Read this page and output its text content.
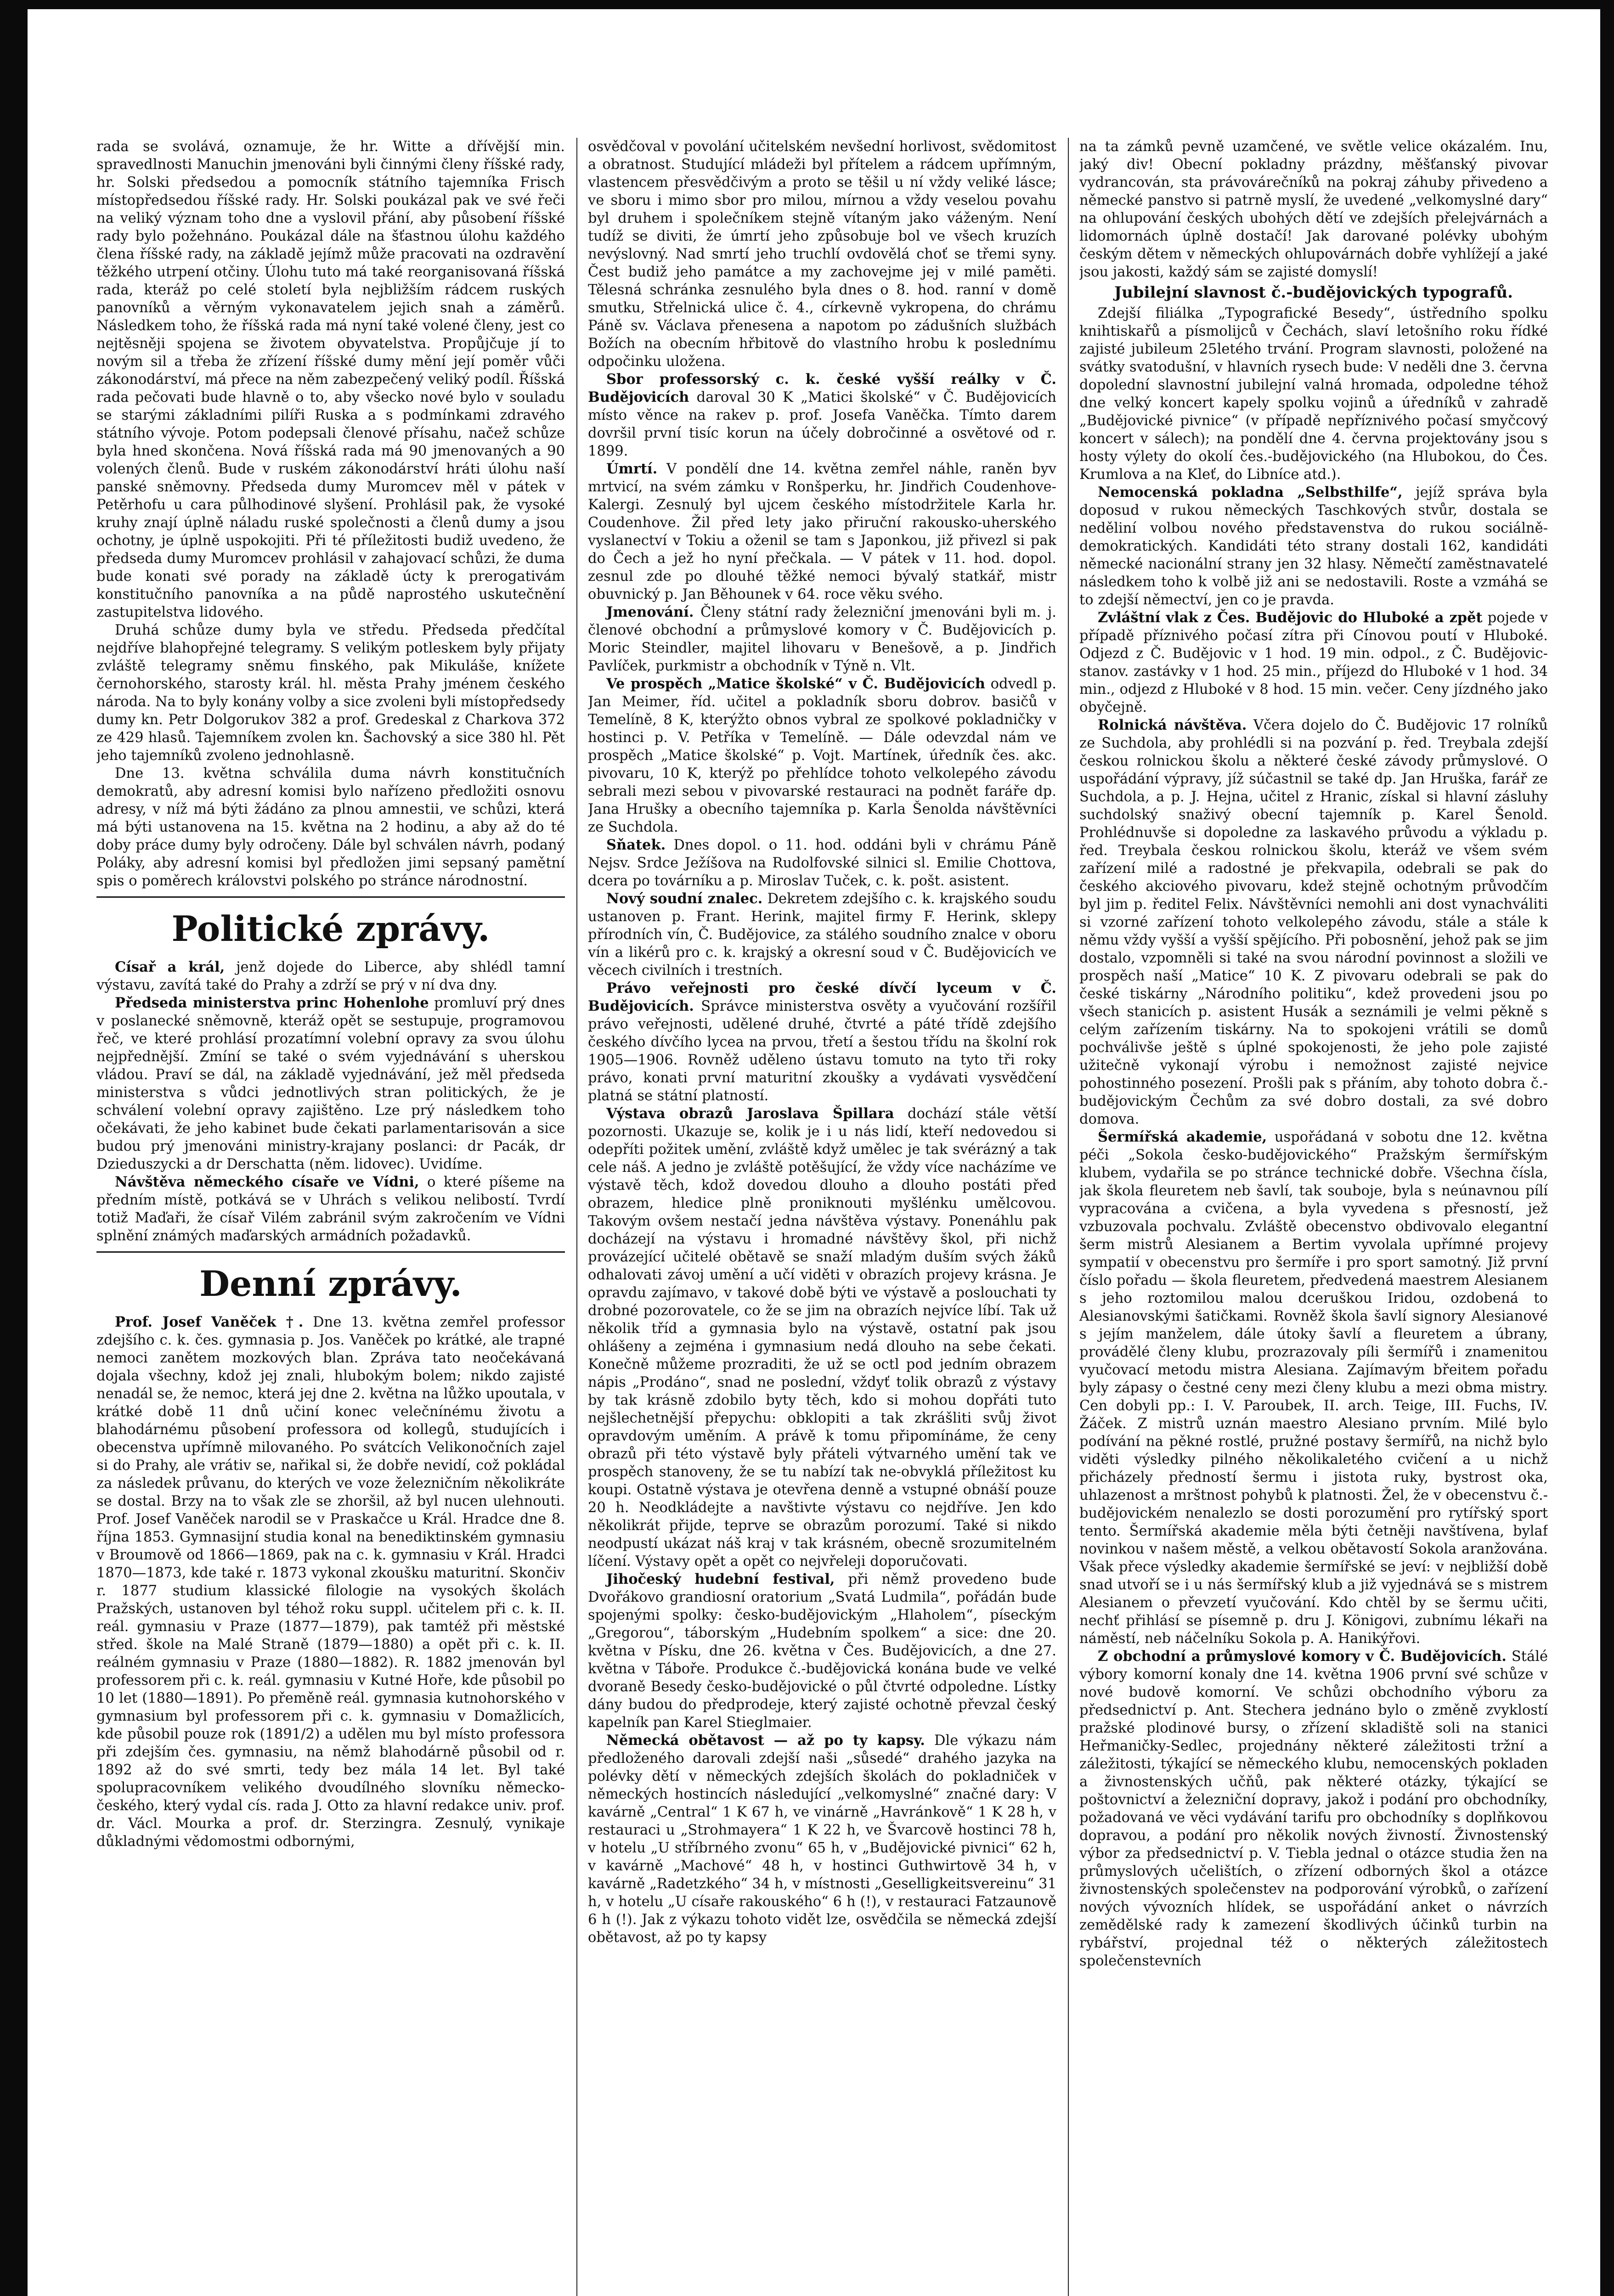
rada se svolává, oznamuje, že hr. Witte a dřívější min. spravedlnosti Manuchin jmenováni byli činnými členy říšské rady, hr. Solski předsedou a pomocník státního tajemníka Frisch místopředsedou říšské rady. Hr. Solski poukázal pak ve své řeči na veliký význam toho dne a vyslovil přání, aby působení říšské rady bylo požehnáno. Poukázal dále na šťastnou úlohu každého člena říšské rady, na základě jejímž může pracovati na ozdravění těžkého utrpení otčiny. Úlohu tuto má také reorganisovaná říšská rada, kteráž po celé století byla nejbližším rádcem ruských panovníků a věrným vykonavatelem jejich snah a záměrů. Následkem toho, že říšská rada má nyní také volené členy, jest co nejtěsněji spojena se životem obyvatelstva. Propůjčuje jí to novým sil a třeba že zřízení říšské dumy mění její poměr vůči zákonodárství, má přece na něm zabezpečený veliký podíl. Říšská rada pečovati bude hlavně o to, aby všecko nové bylo v souladu se starými základními pilíři Ruska a s podmínkami zdravého státního vývoje. Potom podepsali členové přísahu, načež schůze byla hned skončena. Nová říšská rada má 90 jmenovaných a 90 volených členů. Bude v ruském zákonodárství hráti úlohu naší panské sněmovny. Předseda dumy Muromcev měl v pátek v Petěrhofu u cara půlhodinové slyšení. Prohlásil pak, že vysoké kruhy znají úplně náladu ruské společnosti a členů dumy a jsou ochotny, je úplně uspokojiti. Při té příležitosti budiž uvedeno, že předseda dumy Muromcev prohlásil v zahajovací schůzi, že duma bude konati své porady na základě úcty k prerogativám konstitučního panovníka a na půdě naprostého uskutečnění zastupitelstva lidového.

Druhá schůze dumy byla ve středu. Předseda předčítal nejdříve blahopřejné telegramy. S velikým potleskem byly přijaty zvláště telegramy sněmu finského, pak Mikuláše, knížete černohorského, starosty král. hl. města Prahy jménem českého národa. Na to byly konány volby a sice zvoleni byli místopředsedy dumy kn. Petr Dolgorukov 382 a prof. Gredeskal z Charkova 372 ze 429 hlasů. Tajemníkem zvolen kn. Šachovský a sice 380 hl. Pět jeho tajemníků zvoleno jednohlasně.

Dne 13. května schválila duma návrh konstitučních demokratů, aby adresní komisi bylo nařízeno předložiti osnovu adresy, v níž má býti žádáno za plnou amnestii, ve schůzi, která má býti ustanovena na 15. května na 2 hodinu, a aby až do té doby práce dumy byly odročeny. Dále byl schválen návrh, podaný Poláky, aby adresní komisi byl předložen jimi sepsaný pamětní spis o poměrech královstvi polského po stránce národnostní.

Politické zprávy.

Císař a král, jenž dojede do Liberce, aby shlédl tamní výstavu, zavítá také do Prahy a zdrží se prý v ní dva dny.

Předseda ministerstva princ Hohenlohe promluví prý dnes v poslanecké sněmovně, kteráž opět se sestupuje, programovou řeč, ve které prohlásí prozatímní volební opravy za svou úlohu nejpřednější. Zmíní se také o svém vyjednávání s uherskou vládou. Praví se dál, na základě vyjednávání, jež měl předseda ministerstva s vůdci jednotlivých stran politických, že je schválení volební opravy zajištěno. Lze prý následkem toho očekávati, že jeho kabinet bude čekati parlamentarisován a sice budou prý jmenováni ministry-krajany poslanci: dr Pacák, dr Dzieduszycki a dr Derschatta (něm. lidovec). Uvidíme.

Návštěva německého císaře ve Vídni, o které píšeme na předním místě, potkává se v Uhrách s velikou nelibostí. Tvrdí totiž Maďaři, že císař Vilém zabránil svým zakročením ve Vídni splnění známých maďarských armádních požadavků.

Denní zprávy.

Prof. Josef Vaněček †. Dne 13. května zemřel professor zdejšího c. k. čes. gymnasia p. Jos. Vaněček po krátké, ale trapné nemoci zanětem mozkových blan. Zpráva tato neočekávaná dojala všechny, kdož jej znali, hlubokým bolem; nikdo zajisté nenadál se, že nemoc, která jej dne 2. května na lůžko upoutala, v krátké době 11 dnů učiní konec velečnínému životu a blahodárnému působení professora od kollegů, studujících i obecenstva upřímně milovaného. Po svátcích Velikonočních zajel si do Prahy, ale vrátiv se, nařikal si, že dobře nevidí, což pokládal za následek průvanu, do kterých ve voze železničním několikráte se dostal. Brzy na to však zle se zhoršil, až byl nucen ulehnouti. Prof. Josef Vaněček narodil se v Praskačce u Král. Hradce dne 8. října 1853. Gymnasijní studia konal na benediktinském gymnasiu v Broumově od 1866—1869, pak na c. k. gymnasiu v Král. Hradci 1870—1873, kde také r. 1873 vykonal zkoušku maturitní. Skončiv r. 1877 studium klassické filologie na vysokých školách Pražských, ustanoven byl téhož roku suppl. učitelem při c. k. II. reál. gymnasiu v Praze (1877—1879), pak tamtéž při městské střed. škole na Malé Straně (1879—1880) a opět při c. k. II. reálném gymnasiu v Praze (1880—1882). R. 1882 jmenován byl professorem při c. k. reál. gymnasiu v Kutné Hoře, kde působil po 10 let (1880—1891). Po přeměně reál. gymnasia kutnohorského v gymnasium byl professorem při c. k. gymnasiu v Domažlicích, kde působil pouze rok (1891/2) a udělen mu byl místo professora při zdejším čes. gymnasiu, na němž blahodárně působil od r. 1892 až do své smrti, tedy bez mála 14 let. Byl také spolupracovníkem velikého dvoudílného slovníku německo-českého, který vydal cís. rada J. Otto za hlavní redakce univ. prof. dr. Václ. Mourka a prof. dr. Sterzingra. Zesnulý, vynikaje důkladnými vědomostmi odbornými,

osvědčoval v povolání učitelském nevšední horlivost, svědomitost a obratnost. Studující mládeži byl přítelem a rádcem upřímným, vlastencem přesvědčivým a proto se těšil u ní vždy veliké lásce; ve sboru i mimo sbor pro milou, mírnou a vždy veselou povahu byl druhem i společníkem stejně vítaným jako váženým. Není tudíž se diviti, že úmrtí jeho způsobuje bol ve všech kruzích nevýslovný. Nad smrtí jeho truchlí ovdovělá choť se třemi syny. Čest budiž jeho památce a my zachovejme jej v milé paměti. Tělesná schránka zesnulého byla dnes o 8. hod. ranní v domě smutku, Střelnická ulice č. 4., církevně vykropena, do chrámu Páně sv. Václava přenesena a napotom po zádušních službách Božích na obecním hřbitově do vlastního hrobu k poslednímu odpočinku uložena.

Sbor professorský c. k. české vyšší reálky v Č. Budějovicích daroval 30 K „Matici školské“ v Č. Budějovicích místo věnce na rakev p. prof. Josefa Vaněčka. Tímto darem dovršil první tisíc korun na účely dobročinné a osvětové od r. 1899.

Úmrtí. V pondělí dne 14. května zemřel náhle, raněn byv mrtvicí, na svém zámku v Ronšperku, hr. Jindřich Coudenhove-Kalergi. Zesnulý byl ujcem českého místodržitele Karla hr. Coudenhove. Žil před lety jako přiruční rakousko-uherského vyslanectví v Tokiu a oženil se tam s Japonkou, již přivezl si pak do Čech a jež ho nyní přečkala. — V pátek v 11. hod. dopol. zesnul zde po dlouhé těžké nemoci bývalý statkář, mistr obuvnický p. Jan Běhounek v 64. roce věku svého.

Jmenování. Členy státní rady železniční jmenováni byli m. j. členové obchodní a průmyslové komory v Č. Budějovicích p. Moric Steindler, majitel lihovaru v Benešově, a p. Jindřich Pavlíček, purkmistr a obchodník v Týně n. Vlt.

Ve prospěch „Matice školské“ v Č. Budějovicích odvedl p. Jan Meimer, říd. učitel a pokladník sboru dobrov. basičů v Temelíně, 8 K, kterýžto obnos vybral ze spolkové pokladničky v hostinci p. V. Petříka v Temelíně. — Dále odevzdal nám ve prospěch „Matice školské“ p. Vojt. Martínek, úředník čes. akc. pivovaru, 10 K, kterýž po přehlídce tohoto velkolepého závodu sebrali mezi sebou v pivovarské restauraci na podnět faráře dp. Jana Hrušky a obecního tajemníka p. Karla Šenolda návštěvníci ze Suchdola.

Sňatek. Dnes dopol. o 11. hod. oddáni byli v chrámu Páně Nejsv. Srdce Ježíšova na Rudolfovské silnici sl. Emilie Chottova, dcera po továrníku a p. Miroslav Tuček, c. k. pošt. asistent.

Nový soudní znalec. Dekretem zdejšího c. k. krajského soudu ustanoven p. Frant. Herink, majitel firmy F. Herink, sklepy přírodních vín, Č. Budějovice, za stálého soudního znalce v oboru vín a likérů pro c. k. krajský a okresní soud v Č. Budějovicích ve věcech civilních i trestních.

Právo veřejnosti pro české dívčí lyceum v Č. Budějovicích. Správce ministerstva osvěty a vyučování rozšířil právo veřejnosti, udělené druhé, čtvrté a páté třídě zdejšího českého dívčího lycea na prvou, třetí a šestou třídu na školní rok 1905—1906. Rovněž uděleno ústavu tomuto na tyto tři roky právo, konati první maturitní zkoušky a vydávati vysvědčení platná se státní platností.

Výstava obrazů Jaroslava Špillara dochází stále větší pozornosti. Ukazuje se, kolik je i u nás lidí, kteří nedovedou si odepříti požitek umění, zvláště když umělec je tak svérázný a tak cele náš. A jedno je zvláště potěšující, že vždy více nacházíme ve výstavě těch, kdož dovedou dlouho a dlouho postáti před obrazem, hledice plně proniknouti myšlénku umělcovou. Takovým ovšem nestačí jedna návštěva výstavy. Ponenáhlu pak docházejí na výstavu i hromadné návštěvy škol, při nichž provázející učitelé obětavě se snaží mladým duším svých žáků odhalovati závoj umění a učí viděti v obrazích projevy krásna. Je opravdu zajímavo, v takové době býti ve výstavě a poslouchati ty drobné pozorovatele, co že se jim na obrazích nejvíce líbí. Tak už několik tříd a gymnasia bylo na výstavě, ostatní pak jsou ohlášeny a zejména i gymnasium nedá dlouho na sebe čekati. Konečně můžeme prozraditi, že už se octl pod jedním obrazem nápis „Prodáno“, snad ne poslední, vždyť tolik obrazů z výstavy by tak krásně zdobilo byty těch, kdo si mohou dopřáti tuto nejšlechetnější přepychu: obklopiti a tak zkrášliti svůj život opravdovým uměním. A právě k tomu připomínáme, že ceny obrazů při této výstavě byly přáteli výtvarného umění tak ve prospěch stanoveny, že se tu nabízí tak ne-obvyklá příležitost ku koupi. Ostatně výstava je otevřena denně a vstupné obnáší pouze 20 h. Neodkládejte a navštivte výstavu co nejdříve. Jen kdo několikrát přijde, teprve se obrazům porozumí. Také si nikdo neodpustí ukázat náš kraj v tak krásném, obecně srozumitelném líčení. Výstavy opět a opět co nejvřeleji doporučovati.

Jihočeský hudební festival, při němž provedeno bude Dvořákovo grandiosní oratorium „Svatá Ludmila“, pořádán bude spojenými spolky: česko-budějovickým „Hlaholem“, píseckým „Gregorou“, táborským „Hudebním spolkem“ a sice: dne 20. května v Písku, dne 26. května v Čes. Budějovicích, a dne 27. května v Táboře. Produkce č.-budějovická konána bude ve velké dvoraně Besedy česko-budějovické o půl čtvrté odpoledne. Lístky dány budou do předprodeje, který zajisté ochotně převzal český kapelník pan Karel Stieglmaier.

Německá obětavost — až po ty kapsy. Dle výkazu nám předloženého darovali zdejší naši „sůsedé“ drahého jazyka na polévky dětí v německých zdejších školách do pokladniček v německých hostincích následující „velkomyslné“ značné dary: V kavárně „Central“ 1 K 67 h, ve vinárně „Havránkově“ 1 K 28 h, v restauraci u „Strohmayera“ 1 K 22 h, ve Švarcově hostinci 78 h, v hotelu „U stříbrného zvonu“ 65 h, v „Budějovické pivnici“ 62 h, v kavárně „Machové“ 48 h, v hostinci Guthwirtově 34 h, v kavárně „Radetzkého“ 34 h, v místnosti „Geselligkeitsvereinu“ 31 h, v hotelu „U císaře rakouského“ 6 h (!), v restauraci Fatzaunově 6 h (!). Jak z výkazu tohoto vidět lze, osvědčila se německá zdejší obětavost, až po ty kapsy

na ta zámků pevně uzamčené, ve světle velice okázalém. Inu, jaký div! Obecní pokladny prázdny, měšťanský pivovar vydrancován, sta právovárečníků na pokraj záhuby přivedeno a německé panstvo si patrně myslí, že uvedené „velkomyslné dary“ na ohlupování českých ubohých dětí ve zdejších přelejvárnách a lidomornách úplně dostačí! Jak darované polévky ubohým českým dětem v německých ohlupovárnách dobře vyhlížejí a jaké jsou jakosti, každý sám se zajisté domyslí!

Jubilejní slavnost č.-budějovických typografů.

Zdejší filiálka „Typografické Besedy“, ústředního spolku knihtiskařů a písmolijců v Čechách, slaví letošního roku řídké zajisté jubileum 25letého trvání. Program slavnosti, položené na svátky svatodušní, v hlavních rysech bude: V neděli dne 3. června dopolední slavnostní jubilejní valná hromada, odpoledne téhož dne velký koncert kapely spolku vojinů a úředníků v zahradě „Budějovické pivnice“ (v případě nepříznivého počasí smyčcový koncert v sálech); na pondělí dne 4. června projektovány jsou s hosty výlety do okolí čes.-budějovického (na Hlubokou, do Čes. Krumlova a na Kleť, do Libníce atd.).

Nemocenská pokladna „Selbsthilfe“, jejíž správa byla doposud v rukou německých Taschkových stvůr, dostala se neděliní volbou nového představenstva do rukou sociálně-demokratických. Kandidáti této strany dostali 162, kandidáti německé nacionální strany jen 32 hlasy. Němečtí zaměstnavatelé následkem toho k volbě již ani se nedostavili. Roste a vzmáhá se to zdejší němectví, jen co je pravda.

Zvláštní vlak z Čes. Budějovic do Hluboké a zpět pojede v případě příznivého počasí zítra při Cínovou poutí v Hluboké. Odjezd z Č. Budějovic v 1 hod. 19 min. odpol., z Č. Budějovic-stanov. zastávky v 1 hod. 25 min., příjezd do Hluboké v 1 hod. 34 min., odjezd z Hluboké v 8 hod. 15 min. večer. Ceny jízdného jako obyčejně.

Rolnická návštěva. Včera dojelo do Č. Budějovic 17 rolníků ze Suchdola, aby prohlédli si na pozvání p. řed. Treybala zdejší českou rolnickou školu a některé české závody průmyslové. O uspořádání výpravy, jíž súčastnil se také dp. Jan Hruška, farář ze Suchdola, a p. J. Hejna, učitel z Hranic, získal si hlavní zásluhy suchdolský snaživý obecní tajemník p. Karel Šenold. Prohlédnuvše si dopoledne za laskavého průvodu a výkladu p. řed. Treybala českou rolnickou školu, kteráž ve všem svém zařízení milé a radostné je překvapila, odebrali se pak do českého akciového pivovaru, kdež stejně ochotným průvodčím byl jim p. ředitel Felix. Návštěvníci nemohli ani dost vynachváliti si vzorné zařízení tohoto velkolepého závodu, stále a stále k němu vždy vyšší a vyšší spějícího. Při pobosnění, jehož pak se jim dostalo, vzpomněli si také na svou národní povinnost a složili ve prospěch naší „Matice“ 10 K. Z pivovaru odebrali se pak do české tiskárny „Národního politiku“, kdež provedeni jsou po všech stanicích p. asistent Husák a seznámili je velmi pěkně s celým zařízením tiskárny. Na to spokojeni vrátili se domů pochválivše ještě s úplné spokojenosti, že jeho pole zajisté užitečně vykonají výrobu i nemožnost zajisté nejvice pohostinného posezení. Prošli pak s přáním, aby tohoto dobra č.-budějovickým Čechům za své dobro dostali, za své dobro domova.

Šermířská akademie, uspořádaná v sobotu dne 12. května péči „Sokola česko-budějovického“ Pražským šermířským klubem, vydařila se po stránce technické dobře. Všechna čísla, jak škola fleuretem neb šavlí, tak souboje, byla s neúnavnou pílí vypracována a cvičena, a byla vyvedena s přesností, jež vzbuzovala pochvalu. Zvláště obecenstvo obdivovalo elegantní šerm mistrů Alesianem a Bertim vyvolala upřímné projevy sympatií v obecenstvu pro šermíře i pro sport samotný. Již první číslo pořadu — škola fleuretem, předvedená maestrem Alesianem s jeho roztomilou malou dceruškou Iridou, ozdobená to Alesianovskými šatičkami. Rovněž škola šavlí signory Alesianové s jejím manželem, dále útoky šavlí a fleuretem a úbrany, provádělé členy klubu, prozrazovaly píli šermířů i znamenitou vyučovací metodu mistra Alesiana. Zajímavým břeitem pořadu byly zápasy o čestné ceny mezi členy klubu a mezi obma mistry. Cen dobyli pp.: I. V. Paroubek, II. arch. Teige, III. Fuchs, IV. Žáček. Z mistrů uznán maestro Alesiano prvním. Milé bylo podívání na pěkné rostlé, pružné postavy šermířů, na nichž bylo viděti výsledky pilného několikaletého cvičení a u nichž přicházely předností šermu i jistota ruky, bystrost oka, uhlazenost a mrštnost pohybů k platnosti. Žel, že v obecenstvu č.-budějovickém nenalezlo se dosti porozumění pro rytířský sport tento. Šermířská akademie měla býti četněji navštívena, bylaf novinkou v našem městě, a velkou obětavostí Sokola aranžována. Však přece výsledky akademie šermířské se jeví: v nejbližší době snad utvoří se i u nás šermířský klub a již vyjednává se s mistrem Alesianem o převzetí vyučování. Kdo chtěl by se šermu učiti, nechť přihlásí se písemně p. dru J. Königovi, zubnímu lékaři na náměstí, neb náčelníku Sokola p. A. Hanikýřovi.

Z obchodní a průmyslové komory v Č. Budějovicích. Stálé výbory komorní konaly dne 14. května 1906 první své schůze v nové budově komorní. Ve schůzi obchodního výboru za předsednictví p. Ant. Stechera jednáno bylo o změně zvyklostí pražské plodinové bursy, o zřízení skladiště soli na stanici Heřmaničky-Sedlec, projednány některé záležitosti tržní a záležitosti, týkající se německého klubu, nemocenských pokladen a živnostenských učňů, pak některé otázky, týkající se poštovnictví a železniční dopravy, jakož i podání pro obchodníky, požadovaná ve věci vydávání tarifu pro obchodníky s doplňkovou dopravou, a podání pro několik nových živností. Živnostenský výbor za předsednictví p. V. Tiebla jednal o otázce studia žen na průmyslových učelištích, o zřízení odborných škol a otázce živnostenských společenstev na podporování výrobků, o zařízení nových vývozních hlídek, se uspořádání anket o návrzích zemědělské rady k zamezení škodlivých účinků turbin na rybářství, projednal též o některých záležitostech společenstevních
